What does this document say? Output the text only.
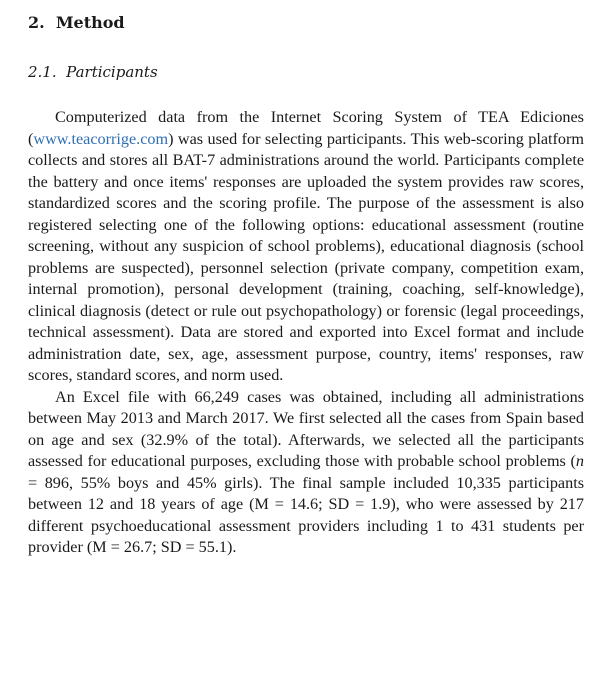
2. Method
2.1. Participants

Computerized data from the Internet Scoring System of TEA Ediciones (www.teacorrige.com) was used for selecting participants. This web-scoring platform collects and stores all BAT-7 administrations around the world. Participants complete the battery and once items' responses are uploaded the system provides raw scores, standardized scores and the scoring profile. The purpose of the assessment is also registered selecting one of the following options: educational assessment (routine screening, without any suspicion of school problems), educational diagnosis (school problems are suspected), personnel selection (private company, competition exam, internal promotion), personal development (training, coaching, self-knowledge), clinical diagnosis (detect or rule out psychopathology) or forensic (legal proceedings, technical assessment). Data are stored and exported into Excel format and include administration date, sex, age, assessment purpose, country, items' responses, raw scores, standard scores, and norm used.

An Excel file with 66,249 cases was obtained, including all administrations between May 2013 and March 2017. We first selected all the cases from Spain based on age and sex (32.9% of the total). Afterwards, we selected all the participants assessed for educational purposes, excluding those with probable school problems (n = 896, 55% boys and 45% girls). The final sample included 10,335 participants between 12 and 18 years of age (M = 14.6; SD = 1.9), who were assessed by 217 different psychoeducational assessment providers including 1 to 431 students per provider (M = 26.7; SD = 55.1).
